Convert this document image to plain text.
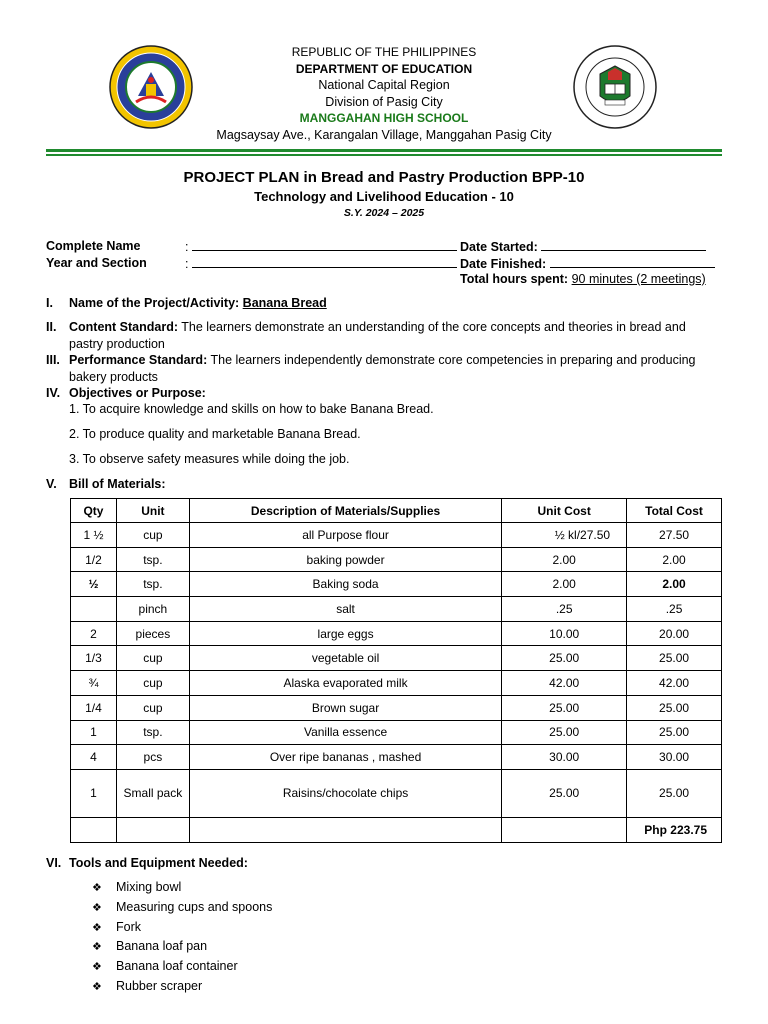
REPUBLIC OF THE PHILIPPINES
DEPARTMENT OF EDUCATION
National Capital Region
Division of Pasig City
MANGGAHAN HIGH SCHOOL
Magsaysay Ave., Karangalan Village, Manggahan Pasig City
PROJECT PLAN in Bread and Pastry Production BPP-10
Technology and Livelihood Education - 10
S.Y. 2024 – 2025
Complete Name	:	Date Started:
Year and Section	:	Date Finished:
Total hours spent: 90 minutes (2 meetings)
I. Name of the Project/Activity: Banana Bread
II. Content Standard: The learners demonstrate an understanding of the core concepts and theories in bread and pastry production
III. Performance Standard: The learners independently demonstrate core competencies in preparing and producing bakery products
IV. Objectives or Purpose:
1. To acquire knowledge and skills on how to bake Banana Bread.
2. To produce quality and marketable Banana Bread.
3. To observe safety measures while doing the job.
V. Bill of Materials:
Qty	Unit	Description of Materials/Supplies	Unit Cost	Total Cost
1 ½	cup	all Purpose flour	½ kl/27.50	27.50
1/2	tsp.	baking powder	2.00	2.00
½	tsp.	Baking soda	2.00	2.00
	pinch	salt	.25	.25
2	pieces	large eggs	10.00	20.00
1/3	cup	vegetable oil	25.00	25.00
¾	cup	Alaska evaporated milk	42.00	42.00
1/4	cup	Brown sugar	25.00	25.00
1	tsp.	Vanilla essence	25.00	25.00
4	pcs	Over ripe bananas , mashed	30.00	30.00
1	Small pack	Raisins/chocolate chips	25.00	25.00
				Php 223.75
VI. Tools and Equipment Needed:
❖ Mixing bowl
❖ Measuring cups and spoons
❖ Fork
❖ Banana loaf pan
❖ Banana loaf container
❖ Rubber scraper
